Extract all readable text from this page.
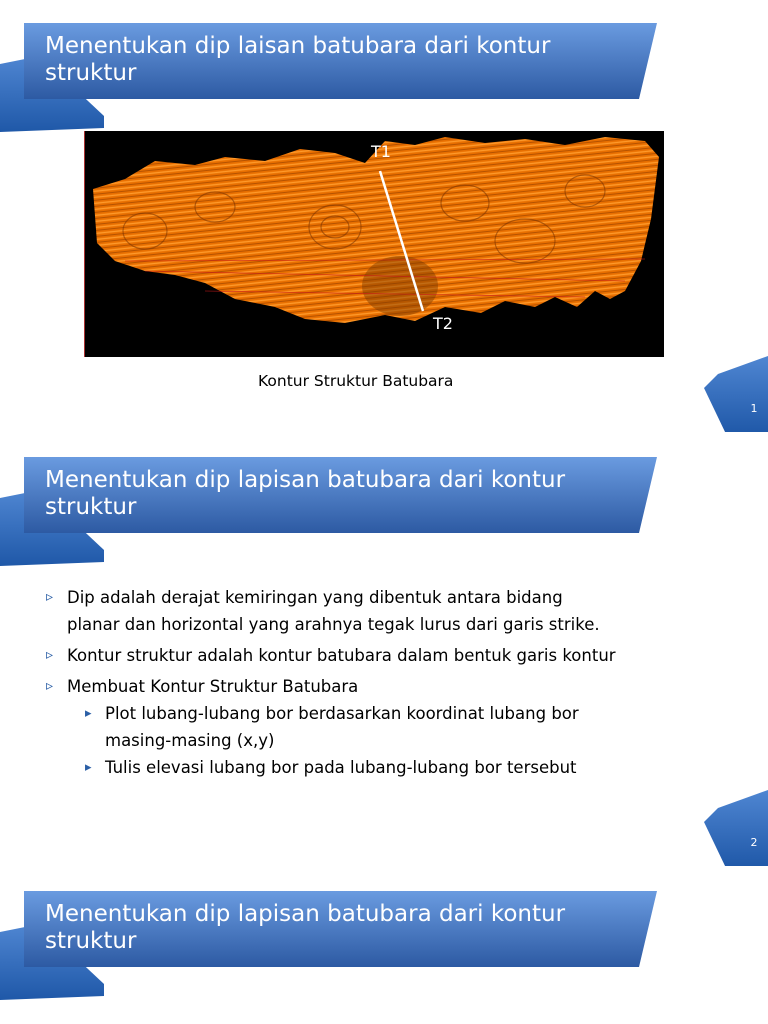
Menentukan dip laisan batubara dari kontur struktur
T1
T2
Kontur Struktur Batubara
1
Menentukan dip lapisan batubara dari kontur struktur
▹ Dip adalah derajat kemiringan yang dibentuk antara bidang planar dan horizontal yang arahnya tegak lurus dari garis strike.
▹ Kontur struktur adalah kontur batubara dalam bentuk garis kontur
▹ Membuat Kontur Struktur Batubara
▸ Plot lubang-lubang bor berdasarkan koordinat lubang bor masing-masing (x,y)
▸ Tulis elevasi lubang bor pada lubang-lubang bor tersebut
2
Menentukan dip lapisan batubara dari kontur struktur
